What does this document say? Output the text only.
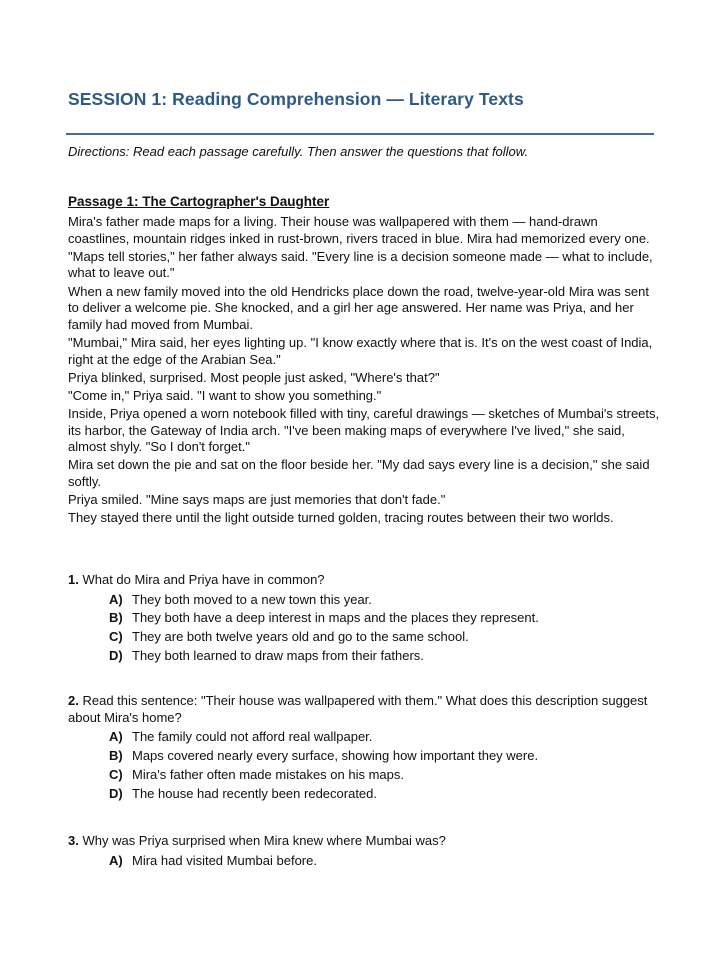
SESSION 1: Reading Comprehension — Literary Texts

Directions: Read each passage carefully. Then answer the questions that follow.

Passage 1: The Cartographer's Daughter

Mira's father made maps for a living. Their house was wallpapered with them — hand-drawn coastlines, mountain ridges inked in rust-brown, rivers traced in blue. Mira had memorized every one.

"Maps tell stories," her father always said. "Every line is a decision someone made — what to include, what to leave out."

When a new family moved into the old Hendricks place down the road, twelve-year-old Mira was sent to deliver a welcome pie. She knocked, and a girl her age answered. Her name was Priya, and her family had moved from Mumbai.

"Mumbai," Mira said, her eyes lighting up. "I know exactly where that is. It's on the west coast of India, right at the edge of the Arabian Sea."

Priya blinked, surprised. Most people just asked, "Where's that?"

"Come in," Priya said. "I want to show you something."

Inside, Priya opened a worn notebook filled with tiny, careful drawings — sketches of Mumbai's streets, its harbor, the Gateway of India arch. "I've been making maps of everywhere I've lived," she said, almost shyly. "So I don't forget."

Mira set down the pie and sat on the floor beside her. "My dad says every line is a decision," she said softly.

Priya smiled. "Mine says maps are just memories that don't fade."

They stayed there until the light outside turned golden, tracing routes between their two worlds.

1. What do Mira and Priya have in common?

A) They both moved to a new town this year.
B) They both have a deep interest in maps and the places they represent.
C) They are both twelve years old and go to the same school.
D) They both learned to draw maps from their fathers.

2. Read this sentence: "Their house was wallpapered with them." What does this description suggest about Mira's home?

A) The family could not afford real wallpaper.
B) Maps covered nearly every surface, showing how important they were.
C) Mira's father often made mistakes on his maps.
D) The house had recently been redecorated.

3. Why was Priya surprised when Mira knew where Mumbai was?

A) Mira had visited Mumbai before.
